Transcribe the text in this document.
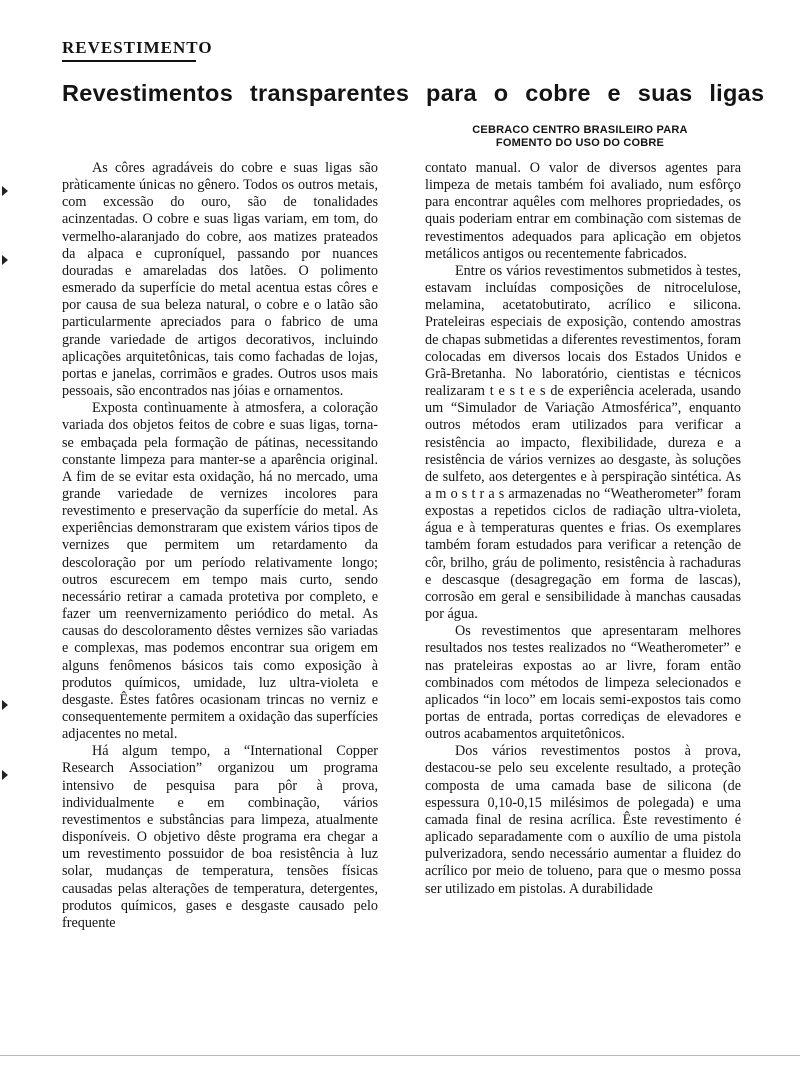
REVESTIMENTO
Revestimentos transparentes para o cobre e suas ligas
CEBRACO CENTRO BRASILEIRO PARA
FOMENTO DO USO DO COBRE

As côres agradáveis do cobre e suas ligas são pràticamente únicas no gênero. Todos os outros metais, com excessão do ouro, são de tonalidades acinzentadas. O cobre e suas ligas variam, em tom, do vermelho-alaranjado do cobre, aos matizes prateados da alpaca e cuproníquel, passando por nuances douradas e amareladas dos latões. O polimento esmerado da superfície do metal acentua estas côres e por causa de sua beleza natural, o cobre e o latão são particularmente apreciados para o fabrico de uma grande variedade de artigos decorativos, incluindo aplicações arquitetônicas, tais como fachadas de lojas, portas e janelas, corrimãos e grades. Outros usos mais pessoais, são encontrados nas jóias e ornamentos.

Exposta contìnuamente à atmosfera, a coloração variada dos objetos feitos de cobre e suas ligas, torna-se embaçada pela formação de pátinas, necessitando constante limpeza para manter-se a aparência original. A fim de se evitar esta oxidação, há no mercado, uma grande variedade de vernizes incolores para revestimento e preservação da superfície do metal. As experiências demonstraram que existem vários tipos de vernizes que permitem um retardamento da descoloração por um período relativamente longo; outros escurecem em tempo mais curto, sendo necessário retirar a camada protetiva por completo, e fazer um reenvernizamento periódico do metal. As causas do descoloramento dêstes vernizes são variadas e complexas, mas podemos encontrar sua origem em alguns fenômenos básicos tais como exposição à produtos químicos, umidade, luz ultra-violeta e desgaste. Êstes fatôres ocasionam trincas no verniz e consequentemente permitem a oxidação das superfícies adjacentes no metal.

Há algum tempo, a “International Copper Research Association” organizou um programa intensivo de pesquisa para pôr à prova, individualmente e em combinação, vários revestimentos e substâncias para limpeza, atualmente disponíveis. O objetivo dêste programa era chegar a um revestimento possuidor de boa resistência à luz solar, mudanças de temperatura, tensões físicas causadas pelas alterações de temperatura, detergentes, produtos químicos, gases e desgaste causado pelo frequente

contato manual. O valor de diversos agentes para limpeza de metais também foi avaliado, num esfôrço para encontrar aquêles com melhores propriedades, os quais poderiam entrar em combinação com sistemas de revestimentos adequados para aplicação em objetos metálicos antigos ou recentemente fabricados.

Entre os vários revestimentos submetidos à testes, estavam incluídas composições de nitrocelulose, melamina, acetatobutirato, acrílico e silicona. Prateleiras especiais de exposição, contendo amostras de chapas submetidas a diferentes revestimentos, foram colocadas em diversos locais dos Estados Unidos e Grã-Bretanha. No laboratório, cientistas e técnicos realizaram t e s t e s de experiência acelerada, usando um “Simulador de Variação Atmosférica”, enquanto outros métodos eram utilizados para verificar a resistência ao impacto, flexibilidade, dureza e a resistência de vários vernizes ao desgaste, às soluções de sulfeto, aos detergentes e à perspiração sintética. As a m o s t r a s armazenadas no “Weatherometer” foram expostas a repetidos ciclos de radiação ultra-violeta, água e à temperaturas quentes e frias. Os exemplares também foram estudados para verificar a retenção de côr, brilho, gráu de polimento, resistência à rachaduras e descasque (desagregação em forma de lascas), corrosão em geral e sensibilidade à manchas causadas por água.

Os revestimentos que apresentaram melhores resultados nos testes realizados no “Weatherometer” e nas prateleiras expostas ao ar livre, foram então combinados com métodos de limpeza selecionados e aplicados “in loco” em locais semi-expostos tais como portas de entrada, portas corrediças de elevadores e outros acabamentos arquitetônicos.

Dos vários revestimentos postos à prova, destacou-se pelo seu excelente resultado, a proteção composta de uma camada base de silicona (de espessura 0,10-0,15 milésimos de polegada) e uma camada final de resina acrílica. Êste revestimento é aplicado separadamente com o auxílio de uma pistola pulverizadora, sendo necessário aumentar a fluidez do acrílico por meio de tolueno, para que o mesmo possa ser utilizado em pistolas. A durabilidade
